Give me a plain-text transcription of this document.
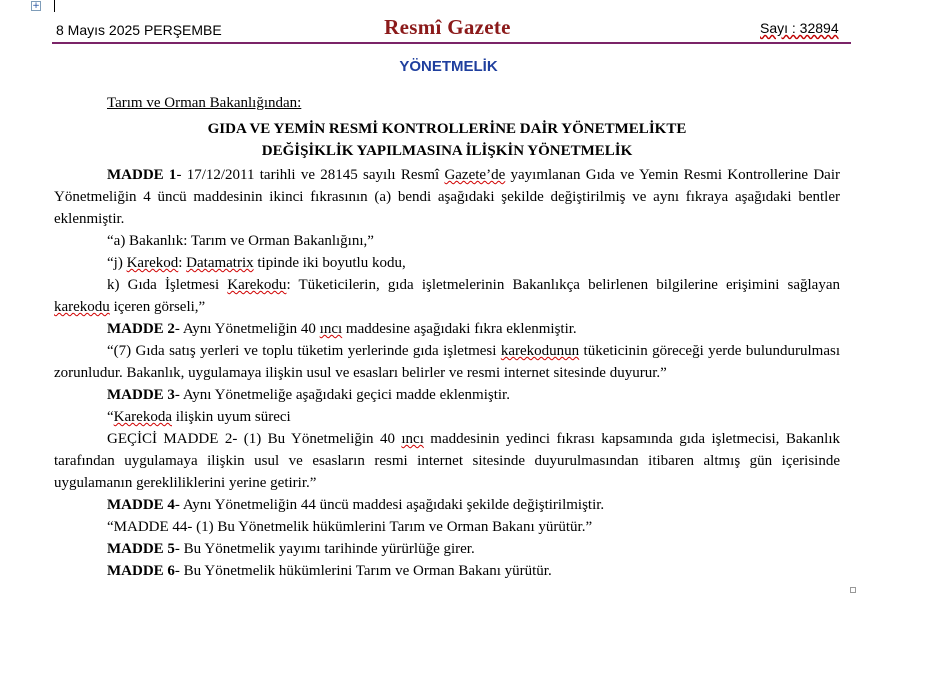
+
8 Mayıs 2025 PERŞEMBE	Resmî Gazete	Sayı : 32894
YÖNETMELİK

Tarım ve Orman Bakanlığından:

GIDA VE YEMİN RESMİ KONTROLLERİNE DAİR YÖNETMELİKTE
DEĞİŞİKLİK YAPILMASINA İLİŞKİN YÖNETMELİK

MADDE 1- 17/12/2011 tarihli ve 28145 sayılı Resmî Gazete’de yayımlanan Gıda ve Yemin Resmi Kontrollerine Dair Yönetmeliğin 4 üncü maddesinin ikinci fıkrasının (a) bendi aşağıdaki şekilde değiştirilmiş ve aynı fıkraya aşağıdaki bentler eklenmiştir.

“a) Bakanlık: Tarım ve Orman Bakanlığını,”

“j) Karekod: Datamatrix tipinde iki boyutlu kodu,

k) Gıda İşletmesi Karekodu: Tüketicilerin, gıda işletmelerinin Bakanlıkça belirlenen bilgilerine erişimini sağlayan karekodu içeren görseli,”

MADDE 2- Aynı Yönetmeliğin 40 ıncı maddesine aşağıdaki fıkra eklenmiştir.

“(7) Gıda satış yerleri ve toplu tüketim yerlerinde gıda işletmesi karekodunun tüketicinin göreceği yerde bulundurulması zorunludur. Bakanlık, uygulamaya ilişkin usul ve esasları belirler ve resmi internet sitesinde duyurur.”

MADDE 3- Aynı Yönetmeliğe aşağıdaki geçici madde eklenmiştir.

“Karekoda ilişkin uyum süreci

GEÇİCİ MADDE 2- (1) Bu Yönetmeliğin 40 ıncı maddesinin yedinci fıkrası kapsamında gıda işletmecisi, Bakanlık tarafından uygulamaya ilişkin usul ve esasların resmi internet sitesinde duyurulmasından itibaren altmış gün içerisinde uygulamanın gerekliliklerini yerine getirir.”

MADDE 4- Aynı Yönetmeliğin 44 üncü maddesi aşağıdaki şekilde değiştirilmiştir.

“MADDE 44- (1) Bu Yönetmelik hükümlerini Tarım ve Orman Bakanı yürütür.”

MADDE 5- Bu Yönetmelik yayımı tarihinde yürürlüğe girer.

MADDE 6- Bu Yönetmelik hükümlerini Tarım ve Orman Bakanı yürütür.
